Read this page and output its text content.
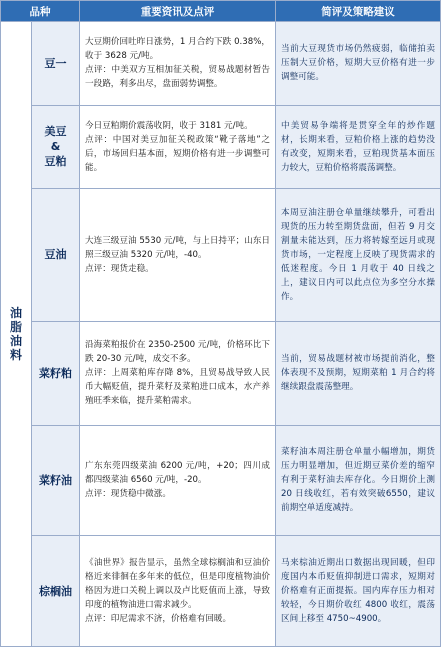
品种		重要资讯及点评	简评及策略建议

油
脂
油
料	豆一	大豆期价回吐昨日涨势，1 月合约下跌 0.38%，收于 3628 元/吨。
点评：中美双方互相加征关税，贸易战题材暂告一段路，利多出尽，盘面弱势调整。	当前大豆现货市场仍然疲弱，临储拍卖压制大豆价格，短期大豆价格有进一步调整可能。

	美豆
&
豆粕	今日豆粕期价震荡收阴，收于 3181 元/吨。
点评：中国对美豆加征关税政策“靴子落地”之后，市场回归基本面，短期价格有进一步调整可能。	中美贸易争端将是贯穿全年的炒作题材，长期来看，豆粕价格上涨的趋势没有改变，短期来看，豆粕现货基本面压力较大，豆粕价格将震荡调整。

	豆油	大连三级豆油 5530 元/吨，与上日持平；山东日照三级豆油 5320 元/吨，-40。
点评：现货走稳。	本周豆油注册仓单量继续攀升，可看出现货的压力转至期货盘面，但若 9 月交割量未能达到，压力将转嫁至远月或现货市场，一定程度上反映了现货需求的低迷程度。今日 1 月收于 40 日线之上，建议日内可以此点位为多空分水操作。

	菜籽粕	沿海菜粕报价在 2350-2500 元/吨，价格环比下跌 20-30 元/吨，成交不多。
点评：上周菜粕库存降 8%，且贸易战导致人民币大幅贬值，提升菜籽及菜粕进口成本，水产养殖旺季来临，提升菜粕需求。	当前，贸易战题材被市场提前消化，整体表现不及预期，短期菜粕 1 月合约将继续跟盘震荡整理。

	菜籽油	广东东莞四级菜油 6200 元/吨，+20；四川成都四级菜油 6560 元/吨，-20。
点评：现货稳中微涨。	菜籽油本周注册仓单量小幅增加，期货压力明显增加，但近期豆菜价差的缩窄有利于菜籽油去库存化。今日期价上测 20 日线收红，若有效突破6550，建议前期空单适度减持。

	棕榈油	《油世界》报告显示，虽然全球棕榈油和豆油价格近来徘徊在多年来的低位，但是印度植物油价格因为进口关税上调以及卢比贬值而上涨，导致印度的植物油进口需求减少。
点评：印尼需求不济，价格难有回暖。	马来棕油近期出口数据出现回暖，但印度国内本币贬值抑制进口需求，短期对价格难有正面提振。国内库存压力相对较轻，今日期价收红 4800 收红，震荡区间上移至 4750~4900。
